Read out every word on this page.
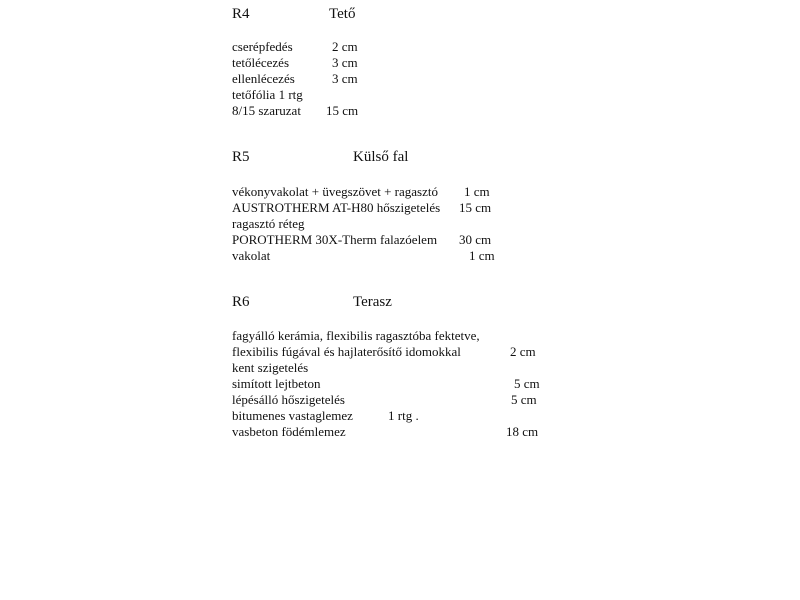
R4	Tető
cserépfedés	2 cm
tetőlécezés	3 cm
ellenlécezés	3 cm
tetőfólia 1 rtg
8/15 szaruzat 15 cm
R5	Külső fal
vékonyvakolat + üvegszövet + ragasztó 1 cm
AUSTROTHERM AT-H80 hőszigetelés 15 cm
ragasztó réteg
POROTHERM 30X-Therm falazóelem 30 cm
vakolat	1 cm
R6	Terasz
fagyálló kerámia, flexibilis ragasztóba fektetve,
flexibilis fúgával és hajlaterősítő idomokkal	2 cm
kent szigetelés
simított lejtbeton	5 cm
lépésálló hőszigetelés	5 cm
bitumenes vastaglemez	1 rtg .
vasbeton födémlemez	18 cm
